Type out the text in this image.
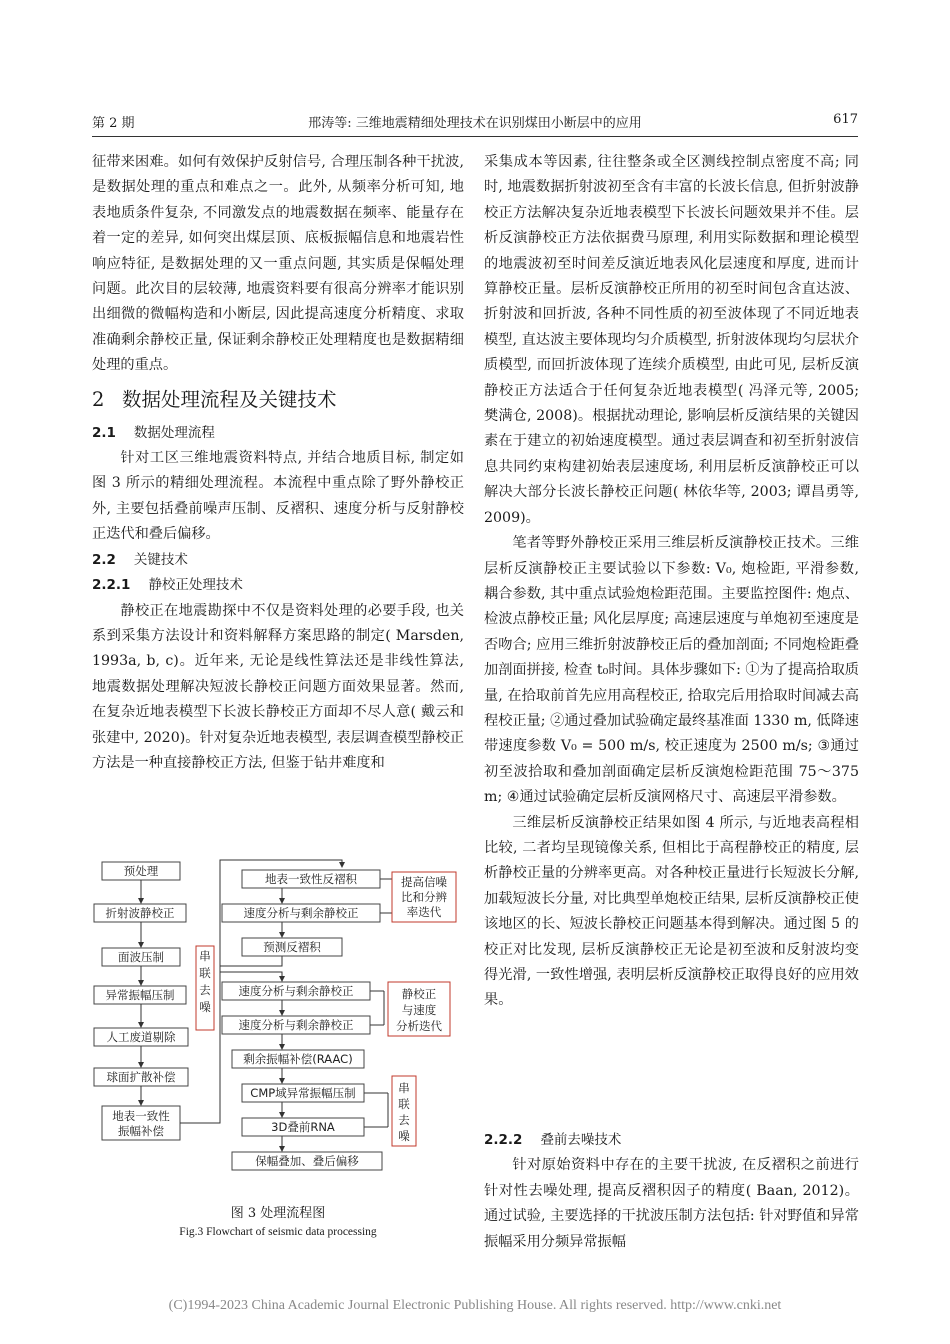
第 2 期	邢涛等: 三维地震精细处理技术在识别煤田小断层中的应用	617

征带来困难。如何有效保护反射信号, 合理压制各种干扰波, 是数据处理的重点和难点之一。此外, 从频率分析可知, 地表地质条件复杂, 不同激发点的地震数据在频率、能量存在着一定的差异, 如何突出煤层顶、底板振幅信息和地震岩性响应特征, 是数据处理的又一重点问题, 其实质是保幅处理问题。此次目的层较薄, 地震资料要有很高分辨率才能识别出细微的微幅构造和小断层, 因此提高速度分析精度、求取准确剩余静校正量, 保证剩余静校正处理精度也是数据精细处理的重点。

2 数据处理流程及关键技术
2.1 数据处理流程

针对工区三维地震资料特点, 并结合地质目标, 制定如图 3 所示的精细处理流程。本流程中重点除了野外静校正外, 主要包括叠前噪声压制、反褶积、速度分析与反射静校正迭代和叠后偏移。

2.2 关键技术
2.2.1 静校正处理技术

静校正在地震勘探中不仅是资料处理的必要手段, 也关系到采集方法设计和资料解释方案思路的制定( Marsden, 1993a, b, c)。近年来, 无论是线性算法还是非线性算法, 地震数据处理解决短波长静校正问题方面效果显著。然而, 在复杂近地表模型下长波长静校正方面却不尽人意( 戴云和张建中, 2020)。针对复杂近地表模型, 表层调查模型静校正方法是一种直接静校正方法, 但鉴于钻井难度和

预处理
折射波静校正
面波压制
异常振幅压制
人工废道剔除
球面扩散补偿
地表一致性
振幅补偿
串
联
去
噪
地表一致性反褶积
速度分析与剩余静校正
预测反褶积
速度分析与剩余静校正
速度分析与剩余静校正
剩余振幅补偿(RAAC)
CMP域异常振幅压制
3D叠前RNA
保幅叠加、叠后偏移
提高信噪
比和分辨
率迭代
静校正
与速度
分析迭代
串
联
去
噪
图 3 处理流程图
Fig.3 Flowchart of seismic data processing

采集成本等因素, 往往整条或全区测线控制点密度不高; 同时, 地震数据折射波初至含有丰富的长波长信息, 但折射波静校正方法解决复杂近地表模型下长波长问题效果并不佳。层析反演静校正方法依据费马原理, 利用实际数据和理论模型的地震波初至时间差反演近地表风化层速度和厚度, 进而计算静校正量。层析反演静校正所用的初至时间包含直达波、折射波和回折波, 各种不同性质的初至波体现了不同近地表模型, 直达波主要体现均匀介质模型, 折射波体现均匀层状介质模型, 而回折波体现了连续介质模型, 由此可见, 层析反演静校正方法适合于任何复杂近地表模型( 冯泽元等, 2005; 樊满仓, 2008)。根据扰动理论, 影响层析反演结果的关键因素在于建立的初始速度模型。通过表层调查和初至折射波信息共同约束构建初始表层速度场, 利用层析反演静校正可以解决大部分长波长静校正问题( 林依华等, 2003; 谭昌勇等, 2009)。

笔者等野外静校正采用三维层析反演静校正技术。三维层析反演静校正主要试验以下参数: V₀, 炮检距, 平滑参数, 耦合参数, 其中重点试验炮检距范围。主要监控图件: 炮点、检波点静校正量; 风化层厚度; 高速层速度与单炮初至速度是否吻合; 应用三维折射波静校正后的叠加剖面; 不同炮检距叠加剖面拼接, 检查 t₀时间。具体步骤如下: ①为了提高拾取质量, 在拾取前首先应用高程校正, 拾取完后用拾取时间减去高程校正量; ②通过叠加试验确定最终基准面 1330 m, 低降速带速度参数 V₀ = 500 m/s, 校正速度为 2500 m/s; ③通过初至波拾取和叠加剖面确定层析反演炮检距范围 75～375 m; ④通过试验确定层析反演网格尺寸、高速层平滑参数。

三维层析反演静校正结果如图 4 所示, 与近地表高程相比较, 二者均呈现镜像关系, 但相比于高程静校正的精度, 层析静校正量的分辨率更高。对各种校正量进行长短波长分解, 加载短波长分量, 对比典型单炮校正结果, 层析反演静校正使该地区的长、短波长静校正问题基本得到解决。通过图 5 的校正对比发现, 层析反演静校正无论是初至波和反射波均变得光滑, 一致性增强, 表明层析反演静校正取得良好的应用效果。

2.2.2 叠前去噪技术

针对原始资料中存在的主要干扰波, 在反褶积之前进行针对性去噪处理, 提高反褶积因子的精度( Baan, 2012)。通过试验, 主要选择的干扰波压制方法包括: 针对野值和异常振幅采用分频异常振幅

(C)1994-2023 China Academic Journal Electronic Publishing House. All rights reserved. http://www.cnki.net
